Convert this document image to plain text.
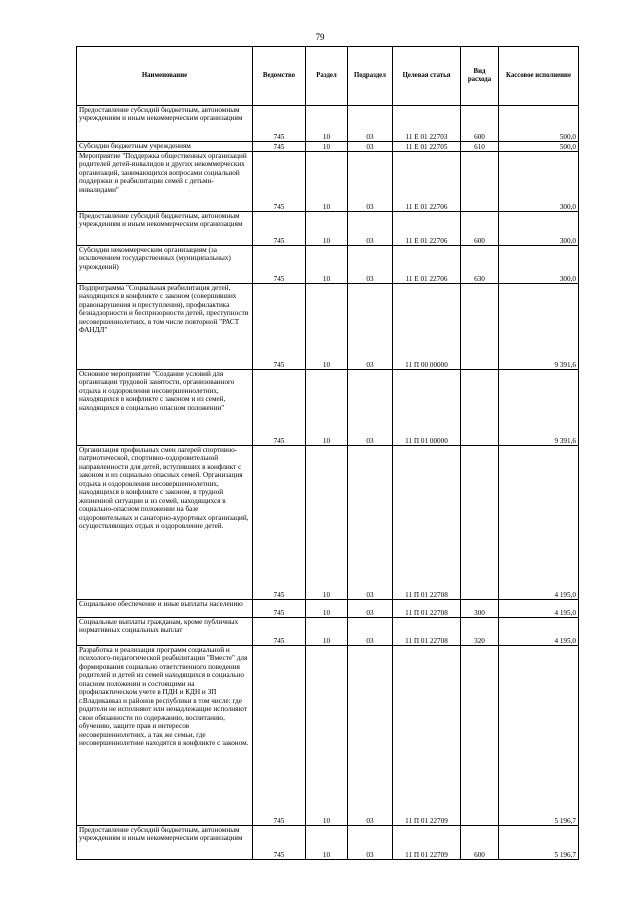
79
Наименование	Ведомство	Раздел	Подраздел	Целевая статья	Вид расхода	Кассовое исполнение
Предоставление субсидий бюджетным, автономным учреждениям и иным некоммерческим организациям	745	10	03	11 Е 01 22703	600	500,0
Субсидии бюджетным учреждениям	745	10	03	11 Е 01 22705	610	500,0
Мероприятие "Поддержка общественных организаций родителей детей-инвалидов и других некоммерческих организаций, занимающихся вопросами социальной поддержки и реабилитации семей с детьми-инвалидами"	745	10	03	11 Е 01 22706		300,0
Предоставление субсидий бюджетным, автономным учреждениям и иным некоммерческим организациям	745	10	03	11 Е 01 22706	600	300,0
Субсидии некоммерческим организациям (за исключением государственных (муниципальных) учреждений)	745	10	03	11 Е 01 22706	630	300,0
Подпрограмма "Социальная реабилитация детей, находящихся в конфликте с законом (совершивших правонарушения и преступления), профилактика безнадзорности и беспризорности детей, преступности несовершеннолетних, в том числе повторной "РАСТ ФАНДЛ"	745	10	03	11 П 00 00000		9 391,6
Основное мероприятие "Создание условий для организации трудовой занятости, организованного отдыха и оздоровления несовершеннолетних, находящихся в конфликте с законом и из семей, находящихся в социально опасном положении"	745	10	03	11 П 01 00000		9 391,6
Организация профильных смен лагерей спортивно-патриотической, спортивно-оздоровительной направленности для детей, вступивших в конфликт с законом и из социально опасных семей. Организация отдыха и оздоровления несовершеннолетних, находящихся в конфликте с законом, в трудной жизненной ситуации и из семей, находящихся в социально-опасном положении на базе оздоровительных и санаторно-курортных организаций, осуществляющих отдых и оздоровление детей.	745	10	03	11 П 01 22708		4 195,0
Социальное обеспечение и иные выплаты населению	745	10	03	11 П 01 22708	300	4 195,0
Социальные выплаты гражданам, кроме публичных нормативных социальных выплат	745	10	03	11 П 01 22708	320	4 195,0
Разработка и реализация программ социальной и психолого-педагогической реабилитации "Вместе" для формирования социально ответственного поведения родителей и детей из семей находящихся в социально опасном положении и состоящими на профилактическом учете в ПДН и КДН и ЗП г.Владикавказ и районов республики в том числе: где родители не исполняют или ненадлежащие исполняют свои обязанности по содержанию, воспитанию, обучению, защите прав и интересов несовершеннолетних, а так же семьи, где несовершеннолетние находятся в конфликте с законом.	745	10	03	11 П 01 22709		5 196,7
Предоставление субсидий бюджетным, автономным учреждениям и иным некоммерческим организациям	745	10	03	11 П 01 22709	600	5 196,7
